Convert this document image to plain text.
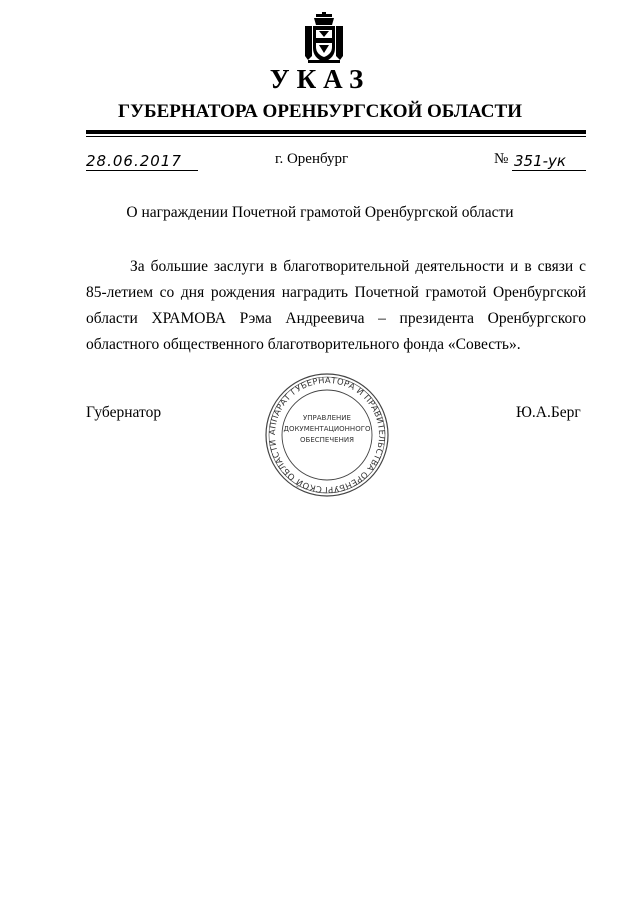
УКАЗ
ГУБЕРНАТОРА ОРЕНБУРГСКОЙ ОБЛАСТИ
28.06.2017	г. Оренбург	№ 351-ук
О награждении Почетной грамотой Оренбургской области

За большие заслуги в благотворительной деятельности и в связи с 85-летием со дня рождения наградить Почетной грамотой Оренбургской области ХРАМОВА Рэма Андреевича – президента Оренбургского областного общественного благотворительного фонда «Совесть».

Губернатор	Ю.А.Берг
АППАРАТ ГУБЕРНАТОРА И ПРАВИТЕЛЬСТВА ОРЕНБУРГСКОЙ ОБЛАСТИ
УПРАВЛЕНИЕ
ДОКУМЕНТАЦИОННОГО
ОБЕСПЕЧЕНИЯ
